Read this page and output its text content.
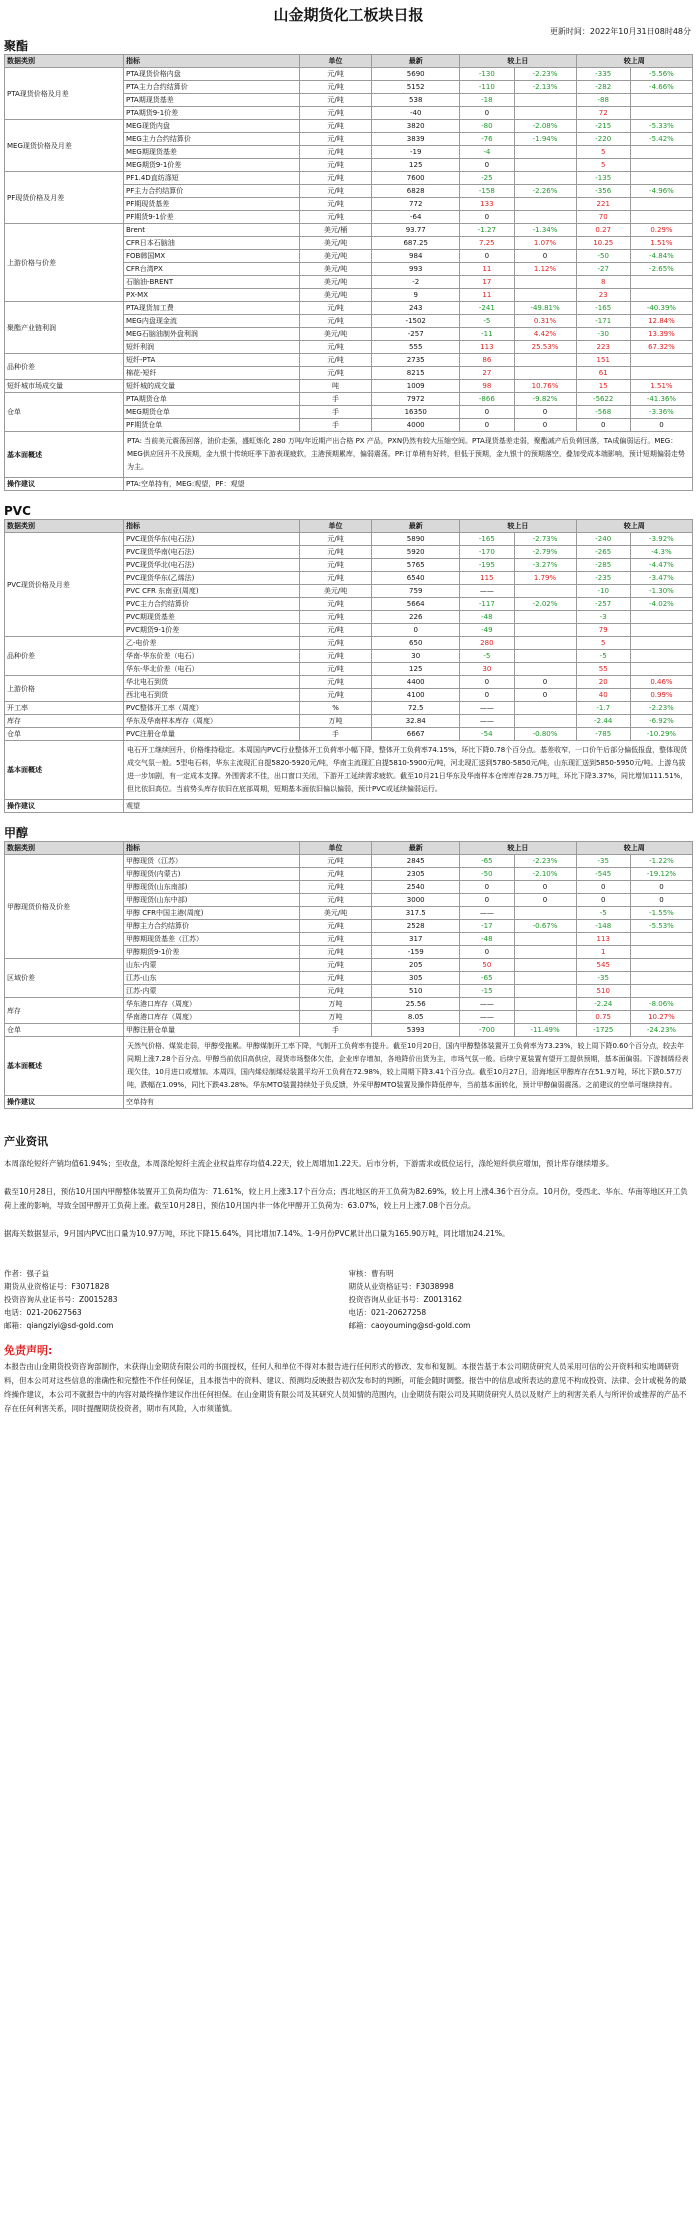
山金期货化工板块日报
更新时间：2022年10月31日08时48分
聚酯
数据类别	指标	单位	最新	较上日		较上周	
PTA现货价格及月差	PTA现货价格内盘	元/吨	5690	-130	-2.23%	-335	-5.56%
	PTA主力合约结算价	元/吨	5152	-110	-2.13%	-282	-4.66%
	PTA期现货基差	元/吨	538	-18		-88	
	PTA期货9-1价差	元/吨	-40	0		72	
MEG现货价格及月差	MEG现货内盘	元/吨	3820	-80	-2.08%	-215	-5.33%
	MEG主力合约结算价	元/吨	3839	-76	-1.94%	-220	-5.42%
	MEG期现货基差	元/吨	-19	-4		5	
	MEG期货9-1价差	元/吨	125	0		5	
PF现货价格及月差	PF1.4D直纺涤短	元/吨	7600	-25		-135	
	PF主力合约结算价	元/吨	6828	-158	-2.26%	-356	-4.96%
	PF期现货基差	元/吨	772	133		221	
	PF期货9-1价差	元/吨	-64	0		70	
上游价格与价差	Brent	美元/桶	93.77	-1.27	-1.34%	0.27	0.29%
	CFR日本石脑油	美元/吨	687.25	7.25	1.07%	10.25	1.51%
	FOB韩国MX	美元/吨	984	0	0	-50	-4.84%
	CFR台湾PX	美元/吨	993	11	1.12%	-27	-2.65%
	石脑油-BRENT	美元/吨	-2	17		8	
	PX-MX	美元/吨	9	11		23	
聚酯产业链利润	PTA现货加工费	元/吨	243	-241	-49.81%	-165	-40.39%
	MEG内盘现金流	元/吨	-1502	-5	0.31%	-171	12.84%
	MEG石脑油制外盘利润	美元/吨	-257	-11	4.42%	-30	13.39%
	短纤利润	元/吨	555	113	25.53%	223	67.32%
品种价差	短纤-PTA	元/吨	2735	86		151	
	棉花-短纤	元/吨	8215	27		61	
短纤城市场成交量	短纤城的成交量	吨	1009	98	10.76%	15	1.51%
仓单	PTA期货仓单	手	7972	-866	-9.82%	-5622	-41.36%
	MEG期货仓单	手	16350	0	0	-568	-3.36%
	PF期货仓单	手	4000	0	0	0	0
基本面概述	PTA: 当前美元震荡回落，油价走强，盛虹炼化 280 万吨/年近期产出合格 PX 产品，PXN仍然有较大压缩空间。PTA现货基差走弱，聚酯减产后负荷回落，TA成偏弱运行。MEG：MEG供应回升不及预期，金九银十传统旺季下游表现疲软，主港预期累库，偏弱震荡。PF:订单稍有好转，但低于预期，金九银十的预期落空，叠加受成本端影响，预计短期偏弱走势为主。						
操作建议	PTA:空单持有，MEG:观望，PF：观望						
PVC
数据类别	指标	单位	最新	较上日		较上周	
PVC现货价格及月差	PVC现货华东(电石法)	元/吨	5890	-165	-2.73%	-240	-3.92%
	PVC现货华南(电石法)	元/吨	5920	-170	-2.79%	-265	-4.3%
	PVC现货华北(电石法)	元/吨	5765	-195	-3.27%	-285	-4.47%
	PVC现货华东(乙烯法)	元/吨	6540	115	1.79%	-235	-3.47%
	PVC CFR 东南亚(周度)	美元/吨	759	——		-10	-1.30%
	PVC主力合约结算价	元/吨	5664	-117	-2.02%	-257	-4.02%
	PVC期现货基差	元/吨	226	-48		-3	
	PVC期货9-1价差	元/吨	0	-49		79	
品种价差	乙-电价差	元/吨	650	280		5	
	华南-华东价差（电石）	元/吨	30	-5		-5	
	华东-华北价差（电石）	元/吨	125	30		55	
上游价格	华北电石到货	元/吨	4400	0	0	20	0.46%
	西北电石到货	元/吨	4100	0	0	40	0.99%
开工率	PVC整体开工率（周度）	%	72.5	——		-1.7	-2.23%
库存	华东及华南样本库存（周度）	万吨	32.84	——		-2.44	-6.92%
仓单	PVC注册仓单量	手	6667	-54	-0.80%	-785	-10.29%
基本面概述	电石开工继续回升，价格维持稳定。本周国内PVC行业整体开工负荷率小幅下降，整体开工负荷率74.15%，环比下降0.78个百分点。基差收窄，一口价午后部分偏低报盘，整体现货成交气氛一般。5型电石料，华东主流现汇自提5820-5920元/吨，华南主流现汇自提5810-5900元/吨，河北现汇送到5780-5850元/吨，山东现汇送到5850-5950元/吨。上游乌拔进一步加剧，有一定成本支撑。外围需求不佳，出口窗口关闭，下游开工延续需求疲软。截至10月21日华东及华南样本仓库库存28.75万吨，环比下降3.37%，同比增加111.51%，但比依旧高位。当前势头库存依旧在底部周期，短期基本面依旧偏以偏弱，预计PVC或延续偏弱运行。						
操作建议	观望						
甲醇
数据类别	指标	单位	最新	较上日		较上周	
甲醇现货价格及价差	甲醇现货（江苏）	元/吨	2845	-65	-2.23%	-35	-1.22%
	甲醇现货(内蒙古)	元/吨	2305	-50	-2.10%	-545	-19.12%
	甲醇现货(山东南部)	元/吨	2540	0	0	0	0
	甲醇现货(山东中部)	元/吨	3000	0	0	0	0
	甲醇 CFR中国主港(周度)	美元/吨	317.5	——		-5	-1.55%
	甲醇主力合约结算价	元/吨	2528	-17	-0.67%	-148	-5.53%
	甲醇期现货基差（江苏）	元/吨	317	-48		113	
	甲醇期货9-1价差	元/吨	-159	0		1	
区域价差	山东-内蒙	元/吨	205	50		545	
	江苏-山东	元/吨	305	-65		-35	
	江苏-内蒙	元/吨	510	-15		510	
库存	华东港口库存（周度）	万吨	25.56	——		-2.24	-8.06%
	华南港口库存（周度）	万吨	8.05	——		0.75	10.27%
仓单	甲醇注册仓单量	手	5393	-700	-11.49%	-1725	-24.23%
基本面概述	天然气价格、煤炭走弱，甲醇受拖累。甲醇煤制开工率下降，气制开工负荷率有提升。截至10月20日，国内甲醇整体装置开工负荷率为73.23%，较上周下降0.60个百分点，较去年同期上涨7.28个百分点。甲醇当前依旧高供应，现货市场整体欠佳，企业库存增加，各地降价出货为主，市场气氛一般。后续宁夏装置有望开工提供预期，基本面偏弱。下游制烯烃表现欠佳，10月进口或增加。本周四，国内烯烃制烯烃装置平均开工负荷在72.98%，较上周期下降3.41个百分点。截至10月27日，沿海地区甲醇库存在51.9万吨，环比下跌0.57万吨，跌幅在1.09%，同比下跌43.28%。华东MTO装置持续处于负反馈，外采甲醇MTO装置及操作降低停车，当前基本面转化，预计甲醇偏弱震荡。之前建议的空单可继续持有。						
操作建议	空单持有						
产业资讯

本周涤纶短纤产销均值61.94%；至收盘，本周涤纶短纤主流企业权益库存均值4.22天，较上周增加1.22天。后市分析，下游需求或低位运行，涤纶短纤供应增加，预计库存继续增多。

截至10月28日，预估10月国内甲醇整体装置开工负荷均值为：71.61%，较上月上涨3.17个百分点；西北地区的开工负荷为82.69%，较上月上涨4.36个百分点。10月份，受西北、华东、华南等地区开工负荷上涨的影响，导致全国甲醇开工负荷上涨。截至10月28日，预估10月国内非一体化甲醇开工负荷为：63.07%，较上月上涨7.08个百分点。

据海关数据显示，9月国内PVC出口量为10.97万吨，环比下降15.64%，同比增加7.14%。1-9月份PVC累计出口量为165.90万吨，同比增加24.21%。

作者：强子益
期货从业资格证号：F3071828
投资咨询从业证书号：Z0015283
电话：021-20627563
邮箱：qiangziyi@sd-gold.com
审核：曹有明
期货从业资格证号：F3038998
投资咨询从业证书号：Z0013162
电话：021-20627258
邮箱：caoyouming@sd-gold.com
免责声明:
本报告由山金期货投资咨询部制作，未获得山金期货有限公司的书面授权，任何人和单位不得对本报告进行任何形式的修改、发布和复制。本报告基于本公司期货研究人员采用可信的公开资料和实地调研资料，但本公司对这些信息的准确性和完整性不作任何保证，且本报告中的资料、建议、预测均反映报告初次发布时的判断，可能会随时调整。报告中的信息或所表达的意见不构成投资、法律、会计或税务的最终操作建议，本公司不就报告中的内容对最终操作建议作出任何担保。在山金期货有限公司及其研究人员知情的范围内，山金期货有限公司及其期货研究人员以及财产上的利害关系人与所评价或推荐的产品不存在任何利害关系，同时提醒期货投资者，期市有风险，入市须谨慎。
